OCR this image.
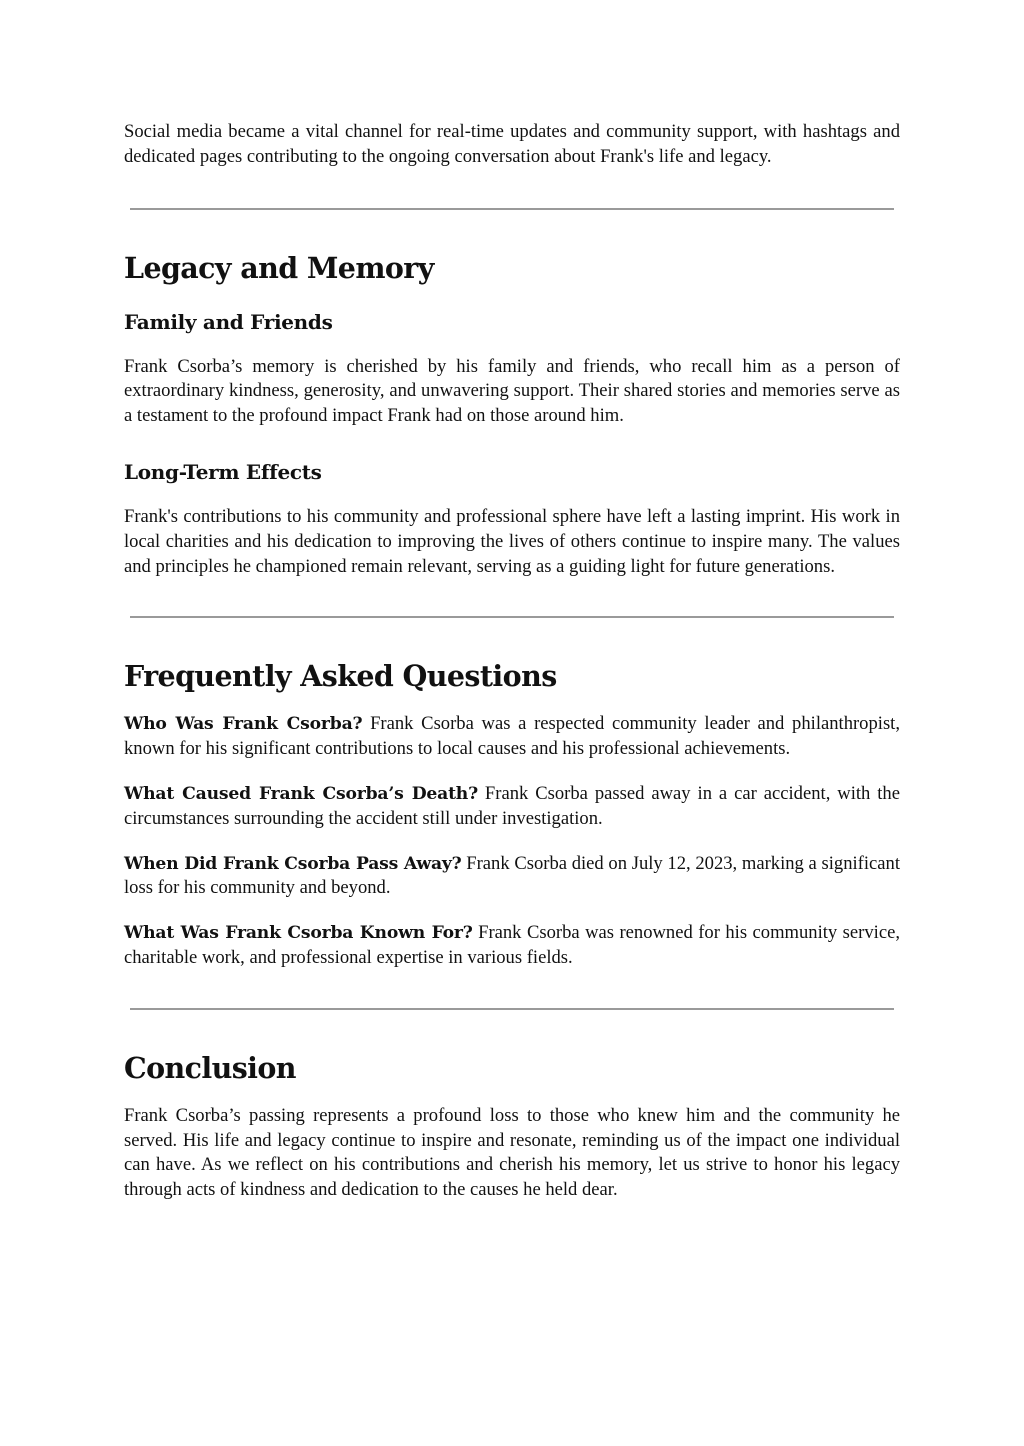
Social media became a vital channel for real-time updates and community support, with hashtags and dedicated pages contributing to the ongoing conversation about Frank's life and legacy.

Legacy and Memory
Family and Friends

Frank Csorba’s memory is cherished by his family and friends, who recall him as a person of extraordinary kindness, generosity, and unwavering support. Their shared stories and memories serve as a testament to the profound impact Frank had on those around him.

Long-Term Effects

Frank's contributions to his community and professional sphere have left a lasting imprint. His work in local charities and his dedication to improving the lives of others continue to inspire many. The values and principles he championed remain relevant, serving as a guiding light for future generations.

Frequently Asked Questions

Who Was Frank Csorba? Frank Csorba was a respected community leader and philanthropist, known for his significant contributions to local causes and his professional achievements.

What Caused Frank Csorba’s Death? Frank Csorba passed away in a car accident, with the circumstances surrounding the accident still under investigation.

When Did Frank Csorba Pass Away? Frank Csorba died on July 12, 2023, marking a significant loss for his community and beyond.

What Was Frank Csorba Known For? Frank Csorba was renowned for his community service, charitable work, and professional expertise in various fields.

Conclusion

Frank Csorba’s passing represents a profound loss to those who knew him and the community he served. His life and legacy continue to inspire and resonate, reminding us of the impact one individual can have. As we reflect on his contributions and cherish his memory, let us strive to honor his legacy through acts of kindness and dedication to the causes he held dear.
